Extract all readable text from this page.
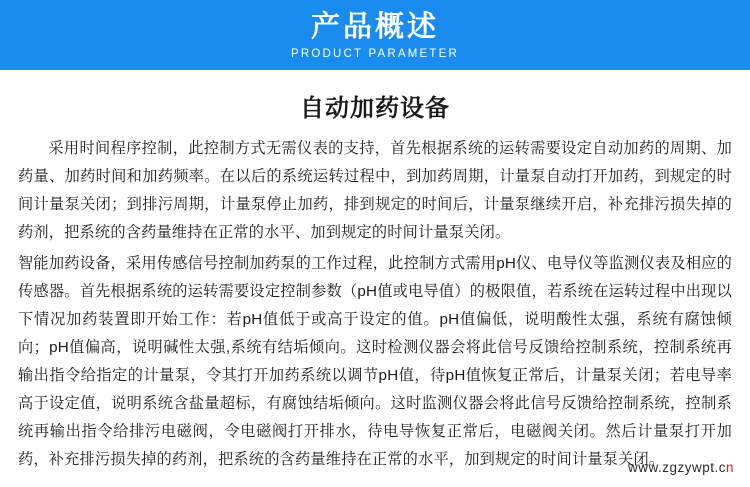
产品概述
PRODUCT PARAMETER
自动加药设备

采用时间程序控制，此控制方式无需仪表的支持，首先根据系统的运转需要设定自动加药的周期、加药量、加药时间和加药频率。在以后的系统运转过程中，到加药周期，计量泵自动打开加药，到规定的时间计量泵关闭；到排污周期，计量泵停止加药，排到规定的时间后，计量泵继续开启，补充排污损失掉的药剂，把系统的含药量维持在正常的水平、加到规定的时间计量泵关闭。

智能加药设备，采用传感信号控制加药泵的工作过程，此控制方式需用pH仪、电导仪等监测仪表及相应的传感器。首先根据系统的运转需要设定控制参数（pH值或电导值）的极限值，若系统在运转过程中出现以下情况加药装置即开始工作：若pH值低于或高于设定的值。pH值偏低，说明酸性太强，系统有腐蚀倾向；pH值偏高，说明碱性太强,系统有结垢倾向。这时检测仪器会将此信号反馈给控制系统，控制系统再输出指令给指定的计量泵，令其打开加药系统以调节pH值，待pH值恢复正常后，计量泵关闭；若电导率高于设定值，说明系统含盐量超标，有腐蚀结垢倾向。这时监测仪器会将此信号反馈给控制系统，控制系统再输出指令给排污电磁阀，令电磁阀打开排水，待电导恢复正常后，电磁阀关闭。然后计量泵打开加药，补充排污损失掉的药剂，把系统的含药量维持在正常的水平，加到规定的时间计量泵关闭。

www.zgzywpt.cn
